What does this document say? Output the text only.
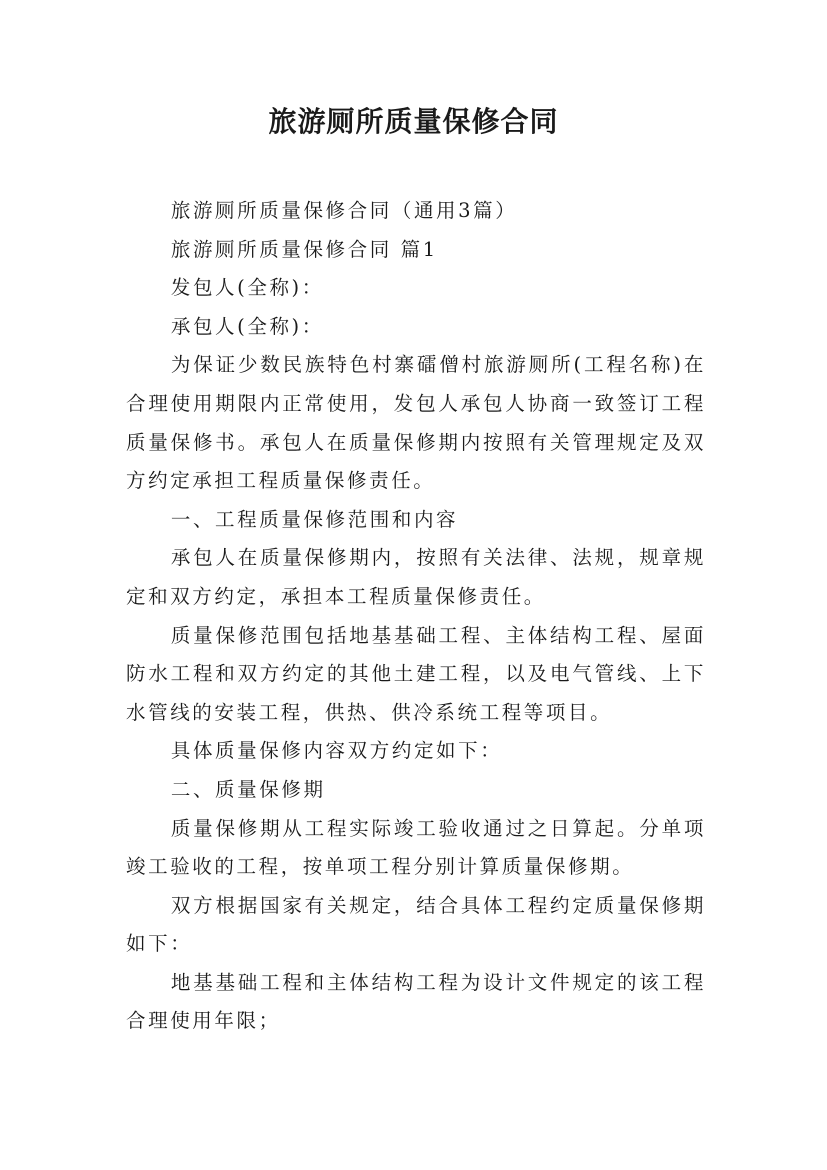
旅游厕所质量保修合同

旅游厕所质量保修合同（通用3篇）

旅游厕所质量保修合同 篇1

发包人(全称)：

承包人(全称)：

为保证少数民族特色村寨礌僧村旅游厕所(工程名称)在合理使用期限内正常使用，发包人承包人协商一致签订工程质量保修书。承包人在质量保修期内按照有关管理规定及双方约定承担工程质量保修责任。

一、工程质量保修范围和内容

承包人在质量保修期内，按照有关法律、法规，规章规定和双方约定，承担本工程质量保修责任。

质量保修范围包括地基基础工程、主体结构工程、屋面防水工程和双方约定的其他土建工程，以及电气管线、上下水管线的安装工程，供热、供冷系统工程等项目。

具体质量保修内容双方约定如下：

二、质量保修期

质量保修期从工程实际竣工验收通过之日算起。分单项竣工验收的工程，按单项工程分别计算质量保修期。

双方根据国家有关规定，结合具体工程约定质量保修期如下：

地基基础工程和主体结构工程为设计文件规定的该工程合理使用年限；
